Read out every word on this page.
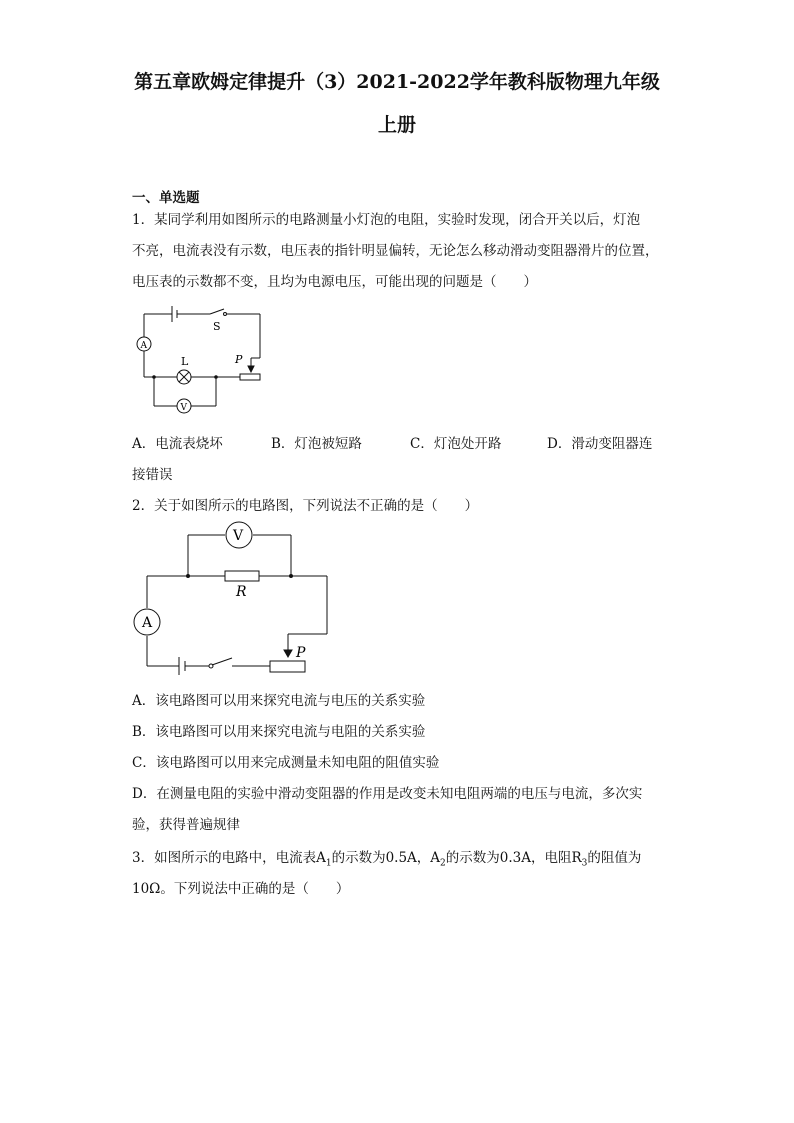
第五章欧姆定律提升（3）2021-2022学年教科版物理九年级
上册
一、单选题
1．某同学利用如图所示的电路测量小灯泡的电阻，实验时发现，闭合开关以后，灯泡
不亮，电流表没有示数，电压表的指针明显偏转，无论怎么移动滑动变阻器滑片的位置，
电压表的示数都不变，且均为电源电压，可能出现的问题是（　　）
S
L	P
A
V
A．电流表烧坏	B．灯泡被短路	C．灯泡处开路	D．滑动变阻器连
接错误
2．关于如图所示的电路图，下列说法不正确的是（　　）
V
R
A
P
A．该电路图可以用来探究电流与电压的关系实验
B．该电路图可以用来探究电流与电阻的关系实验
C．该电路图可以用来完成测量未知电阻的阻值实验
D．在测量电阻的实验中滑动变阻器的作用是改变未知电阻两端的电压与电流，多次实
验，获得普遍规律
3．如图所示的电路中，电流表$A_1$的示数为0.5A，$A_2$的示数为0.3A，电阻$R_3$的阻值为
10Ω。下列说法中正确的是（　　）
